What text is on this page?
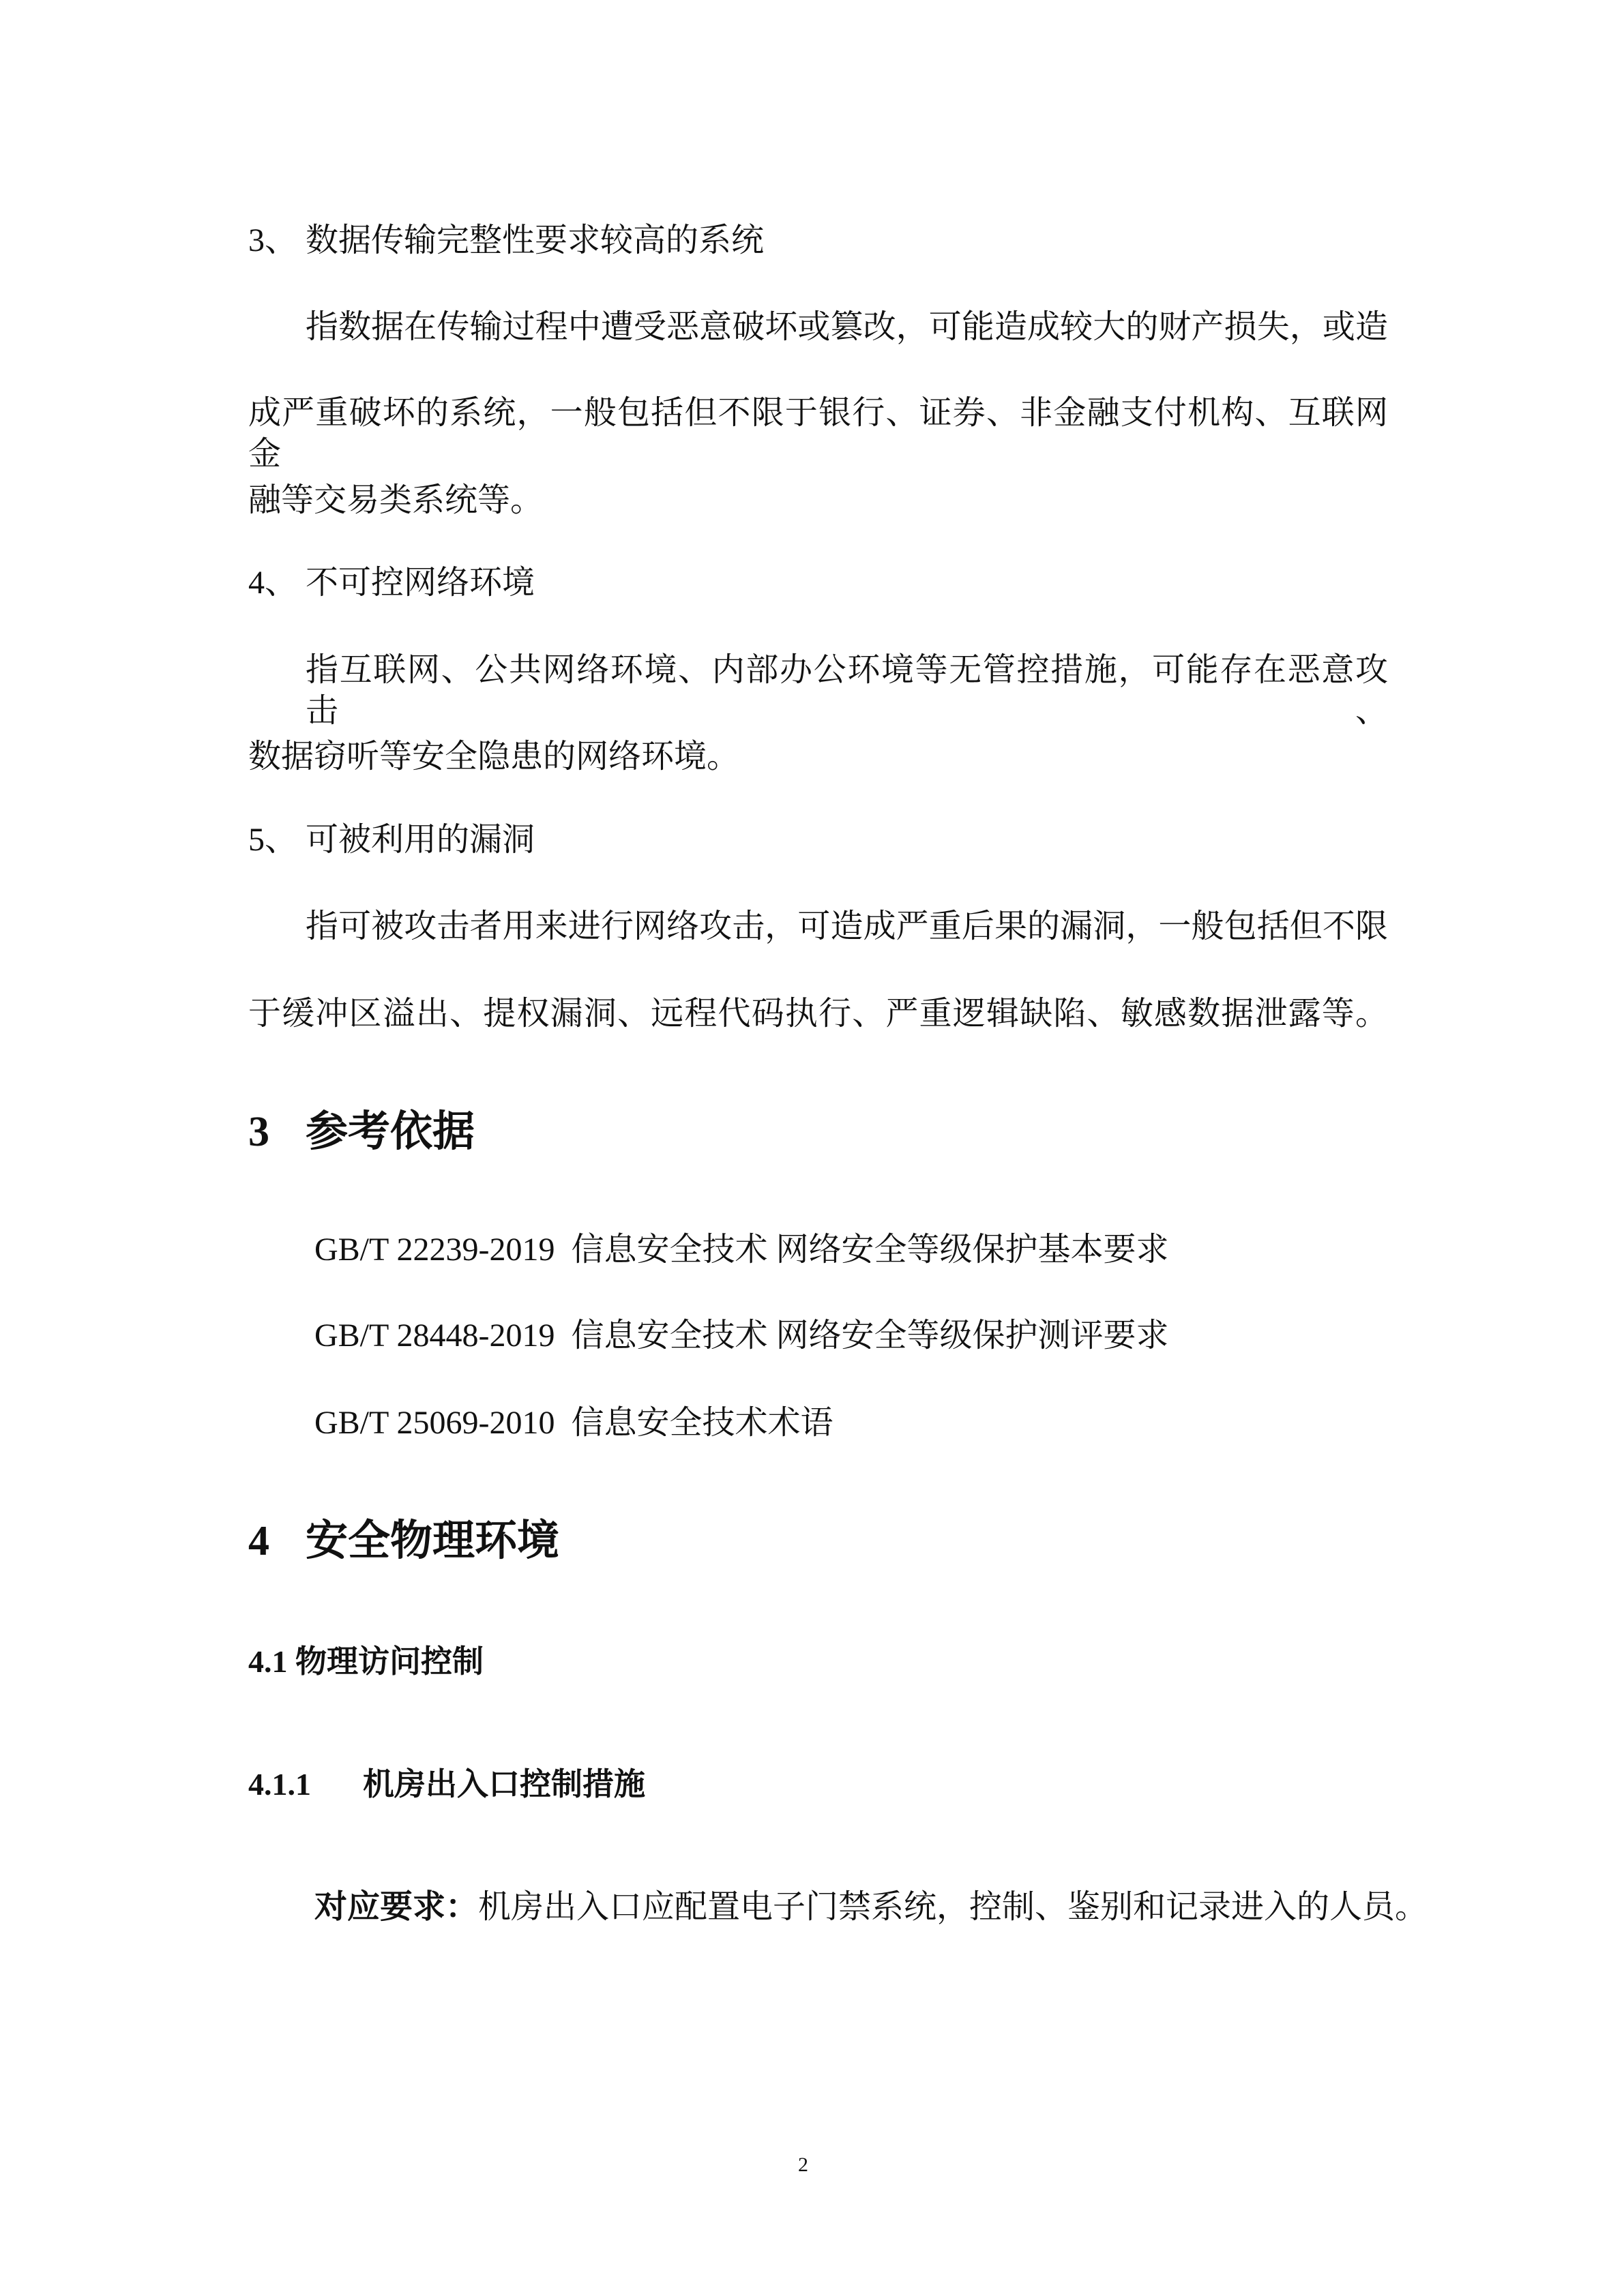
3、 数据传输完整性要求较高的系统
指数据在传输过程中遭受恶意破坏或篡改，可能造成较大的财产损失，或造
成严重破坏的系统，一般包括但不限于银行、证券、非金融支付机构、互联网金
融等交易类系统等。
4、 不可控网络环境
指互联网、公共网络环境、内部办公环境等无管控措施，可能存在恶意攻击、
数据窃听等安全隐患的网络环境。
5、 可被利用的漏洞
指可被攻击者用来进行网络攻击，可造成严重后果的漏洞，一般包括但不限
于缓冲区溢出、提权漏洞、远程代码执行、严重逻辑缺陷、敏感数据泄露等。
3 参考依据
GB/T 22239-2019 信息安全技术 网络安全等级保护基本要求
GB/T 28448-2019 信息安全技术 网络安全等级保护测评要求
GB/T 25069-2010 信息安全技术术语
4 安全物理环境
4.1 物理访问控制
4.1.1 机房出入口控制措施
对应要求：机房出入口应配置电子门禁系统，控制、鉴别和记录进入的人员。
2
